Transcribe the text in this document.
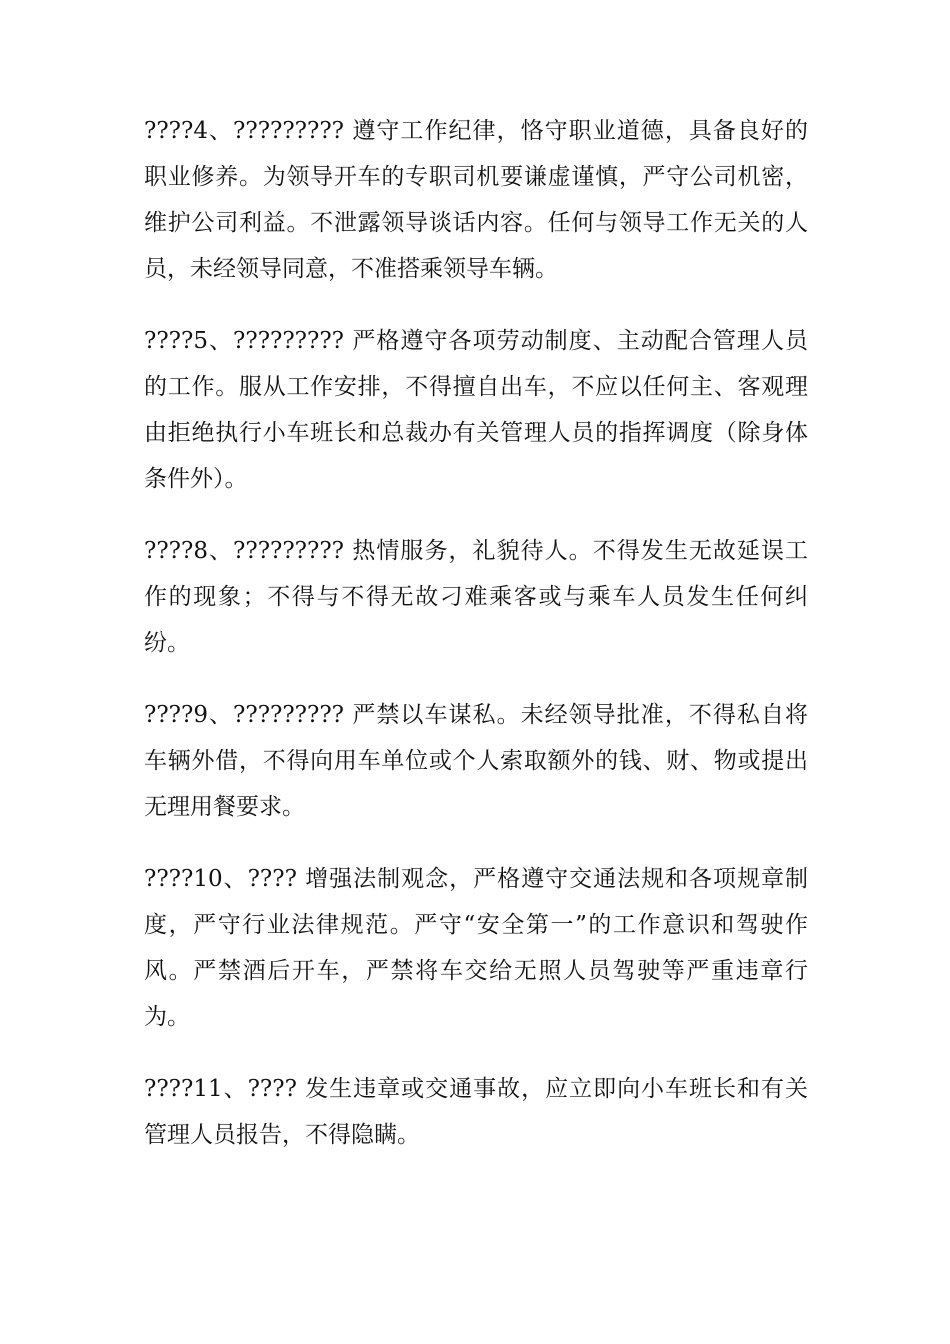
????4、????????? 遵守工作纪律，恪守职业道德，具备良好的职业修养。为领导开车的专职司机要谦虚谨慎，严守公司机密，维护公司利益。不泄露领导谈话内容。任何与领导工作无关的人员，未经领导同意，不准搭乘领导车辆。

????5、????????? 严格遵守各项劳动制度、主动配合管理人员的工作。服从工作安排，不得擅自出车，不应以任何主、客观理由拒绝执行小车班长和总裁办有关管理人员的指挥调度（除身体条件外）。

????8、????????? 热情服务，礼貌待人。不得发生无故延误工作的现象；不得与不得无故刁难乘客或与乘车人员发生任何纠纷。

????9、????????? 严禁以车谋私。未经领导批准，不得私自将车辆外借，不得向用车单位或个人索取额外的钱、财、物或提出无理用餐要求。

????10、???? 增强法制观念，严格遵守交通法规和各项规章制度，严守行业法律规范。严守“安全第一”的工作意识和驾驶作风。严禁酒后开车，严禁将车交给无照人员驾驶等严重违章行为。

????11、???? 发生违章或交通事故，应立即向小车班长和有关管理人员报告，不得隐瞒。
